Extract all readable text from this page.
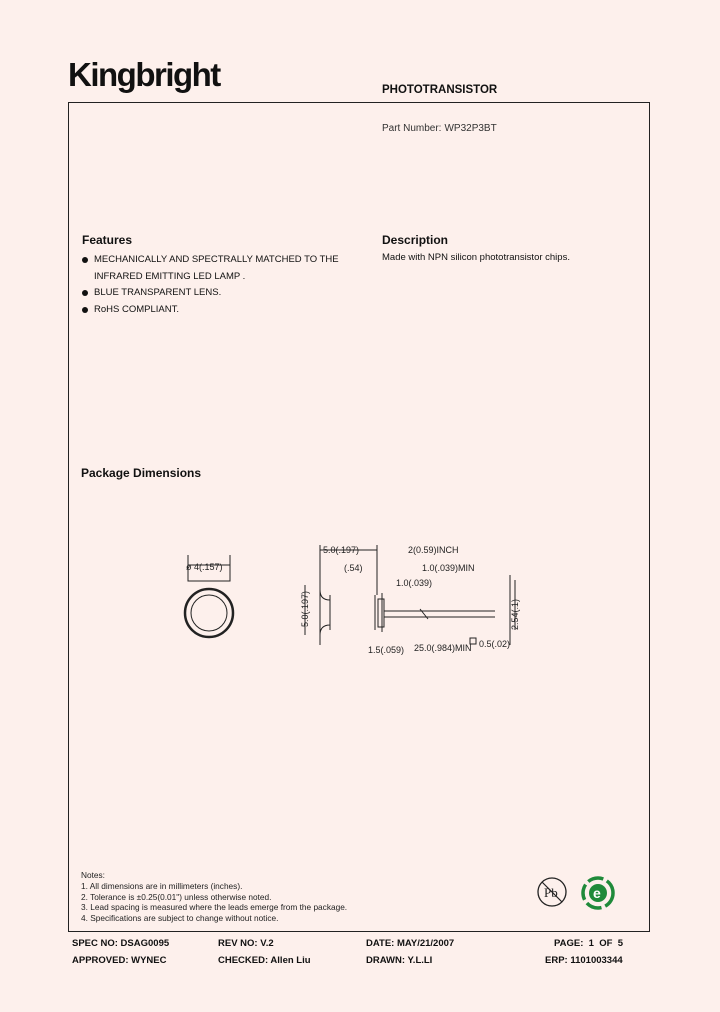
Kingbright	PHOTOTRANSISTOR
Part Number: WP32P3BT
Features
MECHANICALLY AND SPECTRALLY MATCHED TO THE INFRARED EMITTING LED LAMP .
BLUE TRANSPARENT LENS.
RoHS COMPLIANT.
Description
Made with NPN silicon phototransistor chips.
Package Dimensions
ø 4(.157)
5.0(.197)
(.54)
2(0.59)INCH
1.0(.039)MIN
1.0(.039)
5.0(.197)	2.54(.1)
1.5(.059) 25.0(.984)MIN 0.5(.02)
Notes:
1. All dimensions are in millimeters (inches).
2. Tolerance is ±0.25(0.01") unless otherwise noted.
3. Lead spacing is measured where the leads emerge from the package.
4. Specifications are subject to change without notice.
Pb	e
SPEC NO: DSAG0095	REV NO: V.2	DATE: MAY/21/2007	PAGE:  1  OF  5
APPROVED: WYNEC	CHECKED: Allen Liu	DRAWN: Y.L.LI	ERP: 1101003344
